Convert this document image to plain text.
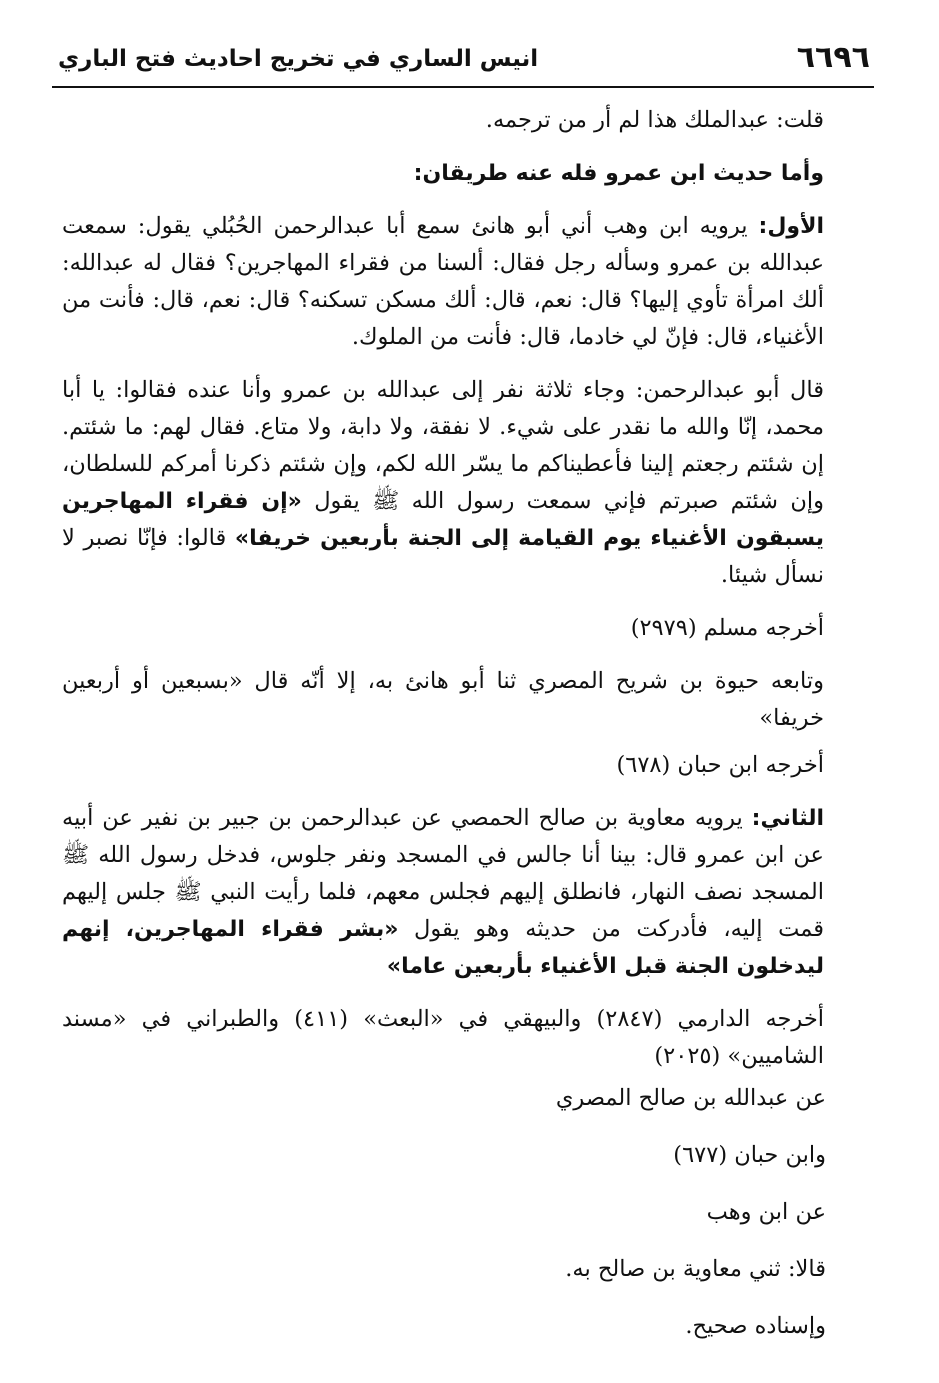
٦٦٩٦
انيس الساري في تخريج احاديث فتح الباري

قلت: عبدالملك هذا لم أر من ترجمه.

وأما حديث ابن عمرو فله عنه طريقان:

الأول: يرويه ابن وهب أني أبو هانئ سمع أبا عبدالرحمن الحُبُلي يقول: سمعت عبدالله بن عمرو وسأله رجل فقال: ألسنا من فقراء المهاجرين؟ فقال له عبدالله: ألك امرأة تأوي إليها؟ قال: نعم، قال: ألك مسكن تسكنه؟ قال: نعم، قال: فأنت من الأغنياء، قال: فإنّ لي خادما، قال: فأنت من الملوك.

قال أبو عبدالرحمن: وجاء ثلاثة نفر إلى عبدالله بن عمرو وأنا عنده فقالوا: يا أبا محمد، إنّا والله ما نقدر على شيء. لا نفقة، ولا دابة، ولا متاع. فقال لهم: ما شئتم. إن شئتم رجعتم إلينا فأعطيناكم ما يسّر الله لكم، وإن شئتم ذكرنا أمركم للسلطان، وإن شئتم صبرتم فإني سمعت رسول الله ﷺ يقول «إن فقراء المهاجرين يسبقون الأغنياء يوم القيامة إلى الجنة بأربعين خريفا» قالوا: فإنّا نصبر لا نسأل شيئا.

أخرجه مسلم (٢٩٧٩)

وتابعه حيوة بن شريح المصري ثنا أبو هانئ به، إلا أنّه قال «بسبعين أو أربعين خريفا»

أخرجه ابن حبان (٦٧٨)

الثاني: يرويه معاوية بن صالح الحمصي عن عبدالرحمن بن جبير بن نفير عن أبيه عن ابن عمرو قال: بينا أنا جالس في المسجد ونفر جلوس، فدخل رسول الله ﷺ المسجد نصف النهار، فانطلق إليهم فجلس معهم، فلما رأيت النبي ﷺ جلس إليهم قمت إليه، فأدركت من حديثه وهو يقول «بشر فقراء المهاجرين، إنهم ليدخلون الجنة قبل الأغنياء بأربعين عاما»

أخرجه الدارمي (٢٨٤٧) والبيهقي في «البعث» (٤١١) والطبراني في «مسند الشاميين» (٢٠٢٥)

عن عبدالله بن صالح المصري

وابن حبان (٦٧٧)

عن ابن وهب

قالا: ثني معاوية بن صالح به.

وإسناده صحيح.
